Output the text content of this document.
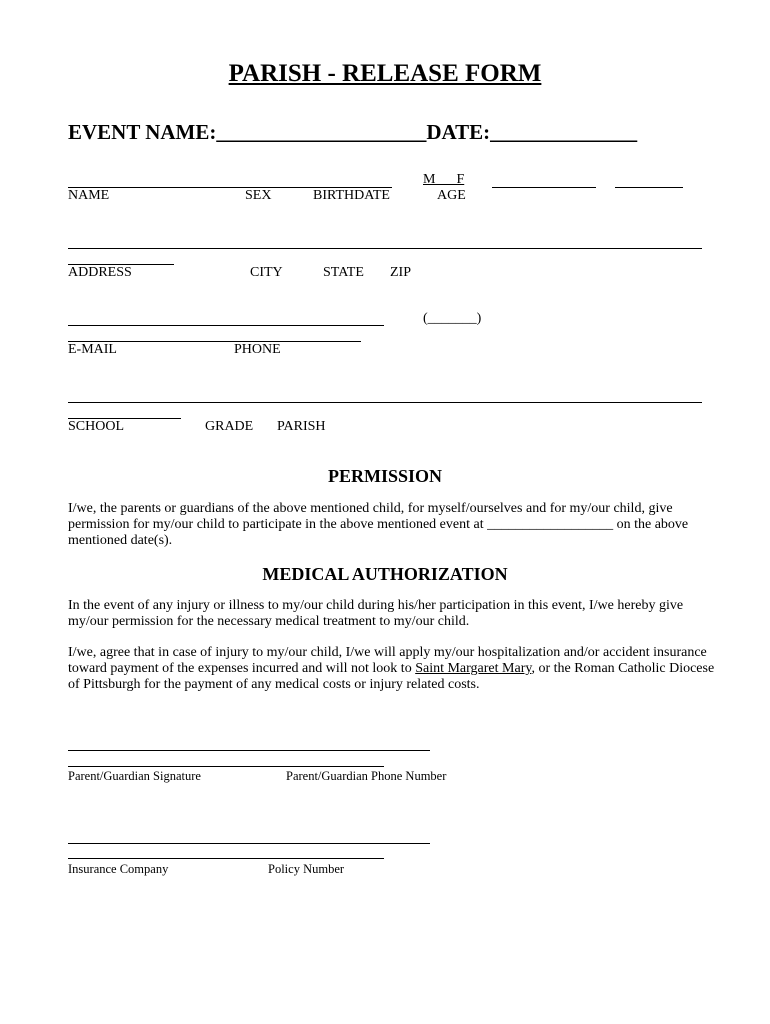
PARISH - RELEASE FORM
EVENT NAME:____________________DATE:______________
M      F
NAME	SEX	BIRTHDATE	AGE
ADDRESS	CITY	STATE ZIP
(_______)
E-MAIL	PHONE
SCHOOL	GRADE PARISH
PERMISSION
I/we, the parents or guardians of the above mentioned child, for myself/ourselves and for my/our child, give permission for my/our child to participate in the above mentioned event at __________________ on the above mentioned date(s).
MEDICAL AUTHORIZATION
In the event of any injury or illness to my/our child during his/her participation in this event, I/we hereby give my/our permission for the necessary medical treatment to my/our child.
I/we, agree that in case of injury to my/our child, I/we will apply my/our hospitalization and/or accident insurance toward payment of the expenses incurred and will not look to Saint Margaret Mary, or the Roman Catholic Diocese of Pittsburgh for the payment of any medical costs or injury related costs.
Parent/Guardian Signature	Parent/Guardian Phone Number
Insurance Company	Policy Number
